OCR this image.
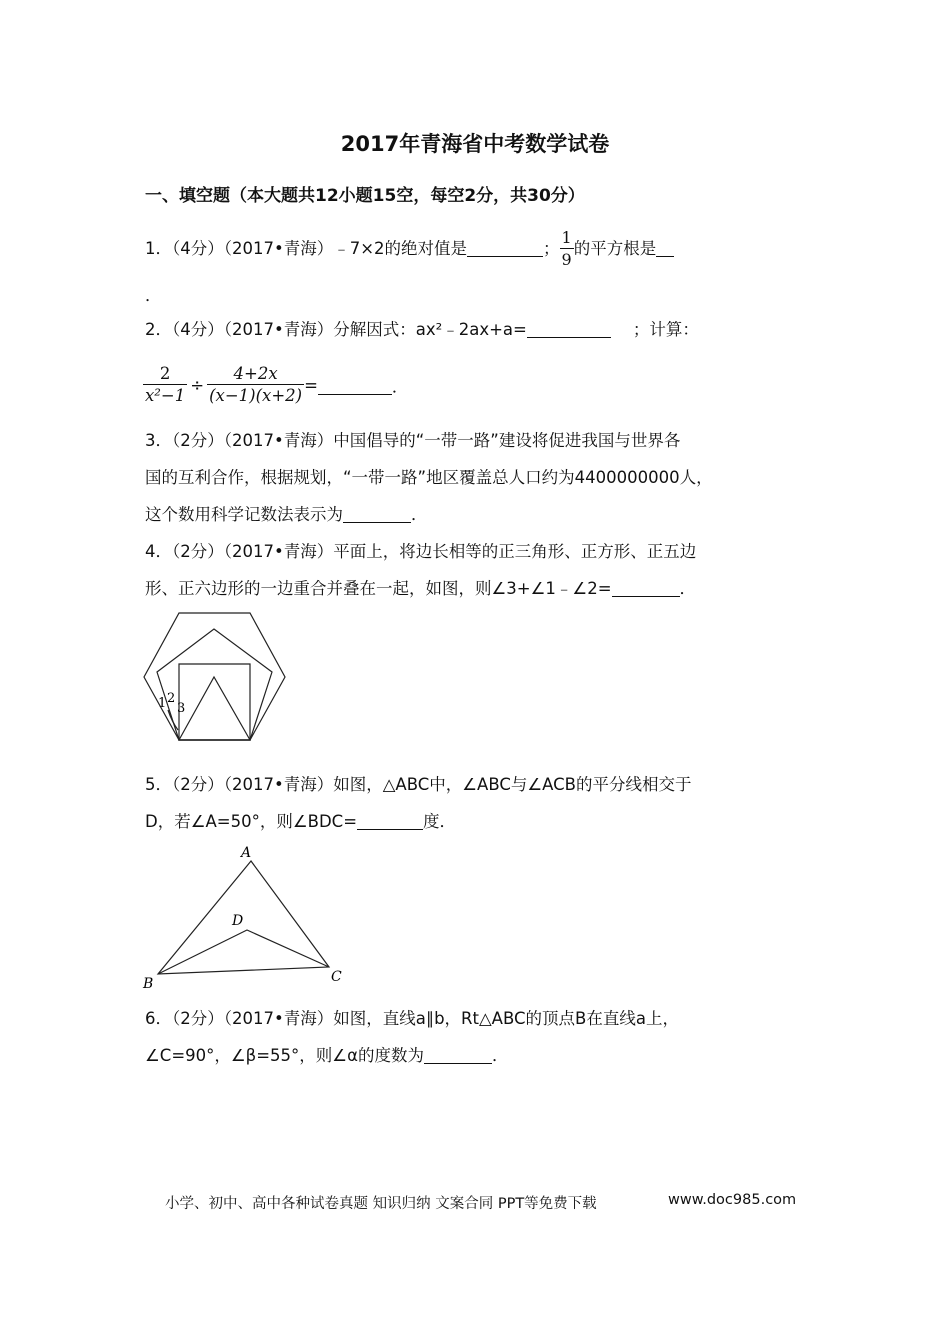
2017年青海省中考数学试卷
一、填空题（本大题共12小题15空，每空2分，共30分）
1．（4分）（2017•青海）﹣7×2的绝对值是	； $\frac{1}{9}$ 的平方根是
．
2．（4分）（2017•青海）分解因式：ax²﹣2ax+a=	；计算：
$\frac{2}{\text{x²−1}} \div \frac{4+2x}{(x-1)(x+2)}$ =	．
3．（2分）（2017•青海）中国倡导的“一带一路”建设将促进我国与世界各
国的互利合作，根据规划，“一带一路”地区覆盖总人口约为4400000000人，
这个数用科学记数法表示为	．
4．（2分）（2017•青海）平面上，将边长相等的正三角形、正方形、正五边
形、正六边形的一边重合并叠在一起，如图，则∠3+∠1﹣∠2=	．
1 2
3
A
B	C
D
5．（2分）（2017•青海）如图，△ABC中，∠ABC与∠ACB的平分线相交于
D，若∠A=50°，则∠BDC=	度．
6．（2分）（2017•青海）如图，直线a∥b，Rt△ABC的顶点B在直线a上，
∠C=90°，∠β=55°，则∠α的度数为	．
小学、初中、高中各种试卷真题 知识归纳 文案合同 PPT等免费下载	www.doc985.com
